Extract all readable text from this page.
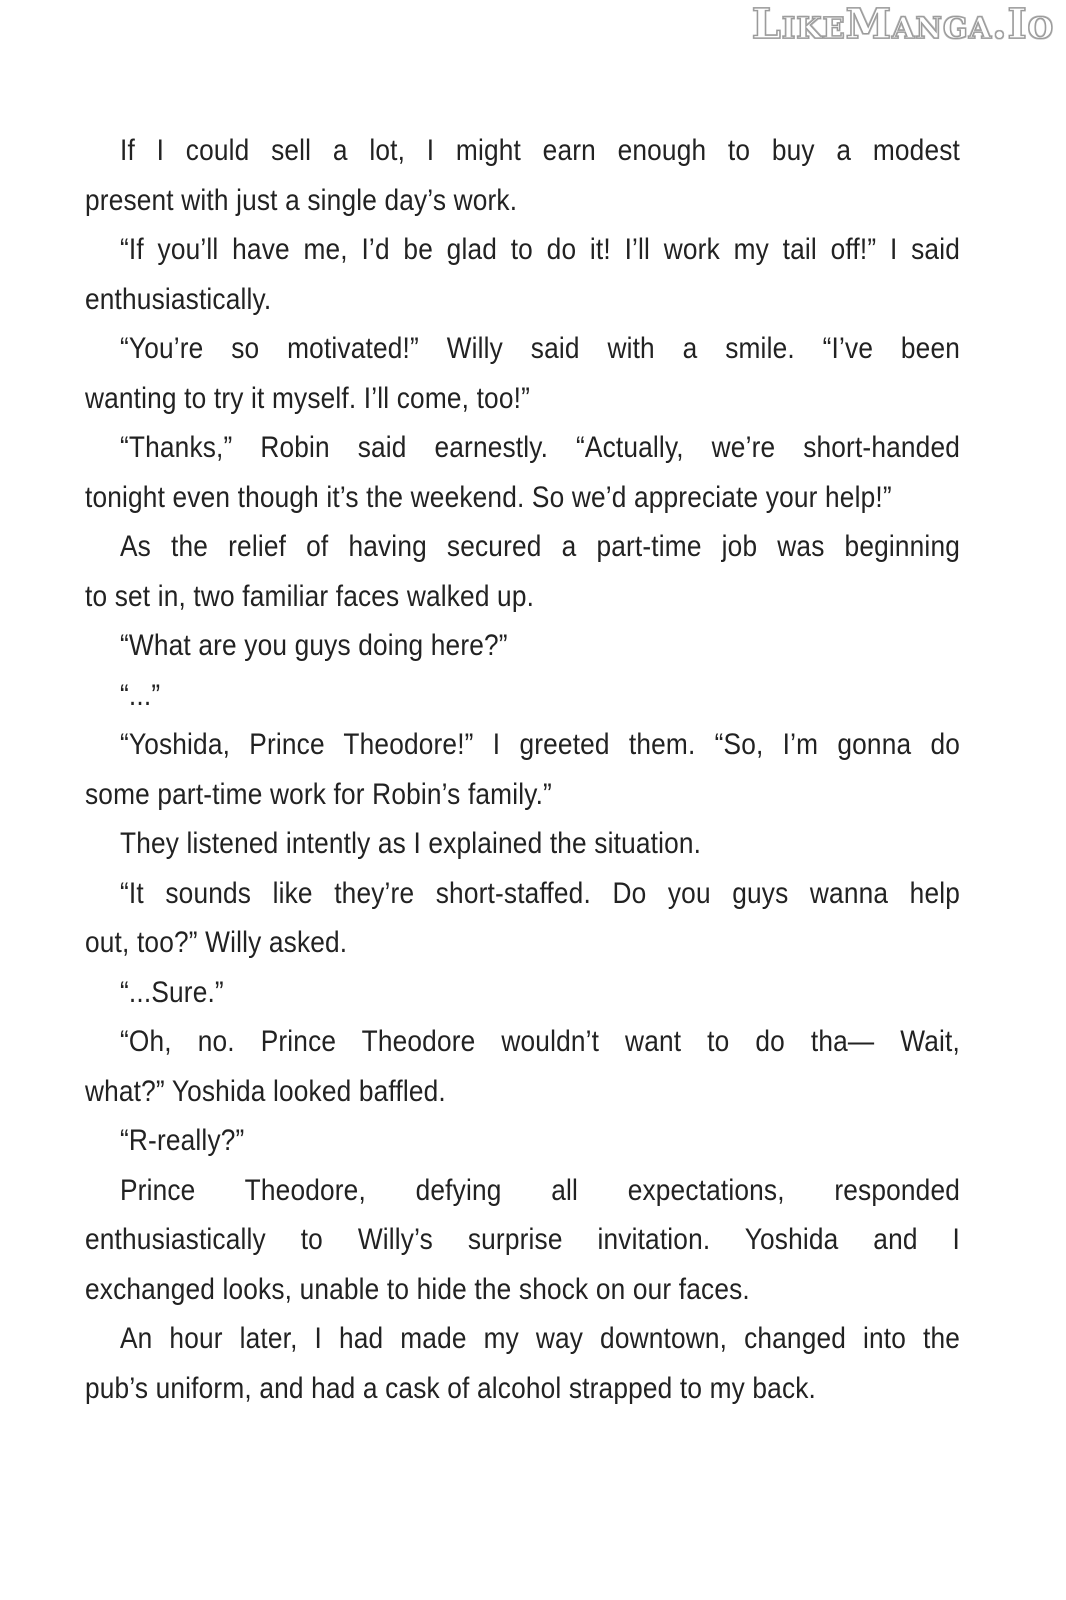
LikeManga.Io

If I could sell a lot, I might earn enough to buy a modest
present with just a single day’s work.

“If you’ll have me, I’d be glad to do it! I’ll work my tail off!” I said
enthusiastically.

“You’re so motivated!” Willy said with a smile. “I’ve been
wanting to try it myself. I’ll come, too!”

“Thanks,” Robin said earnestly. “Actually, we’re short-handed
tonight even though it’s the weekend. So we’d appreciate your help!”

As the relief of having secured a part-time job was beginning
to set in, two familiar faces walked up.

“What are you guys doing here?”

“...”

“Yoshida, Prince Theodore!” I greeted them. “So, I’m gonna do
some part-time work for Robin’s family.”

They listened intently as I explained the situation.

“It sounds like they’re short-staffed. Do you guys wanna help
out, too?” Willy asked.

“...Sure.”

“Oh, no. Prince Theodore wouldn’t want to do tha— Wait,
what?” Yoshida looked baffled.

“R-really?”

Prince Theodore, defying all expectations, responded
enthusiastically to Willy’s surprise invitation. Yoshida and I
exchanged looks, unable to hide the shock on our faces.

An hour later, I had made my way downtown, changed into the
pub’s uniform, and had a cask of alcohol strapped to my back.
